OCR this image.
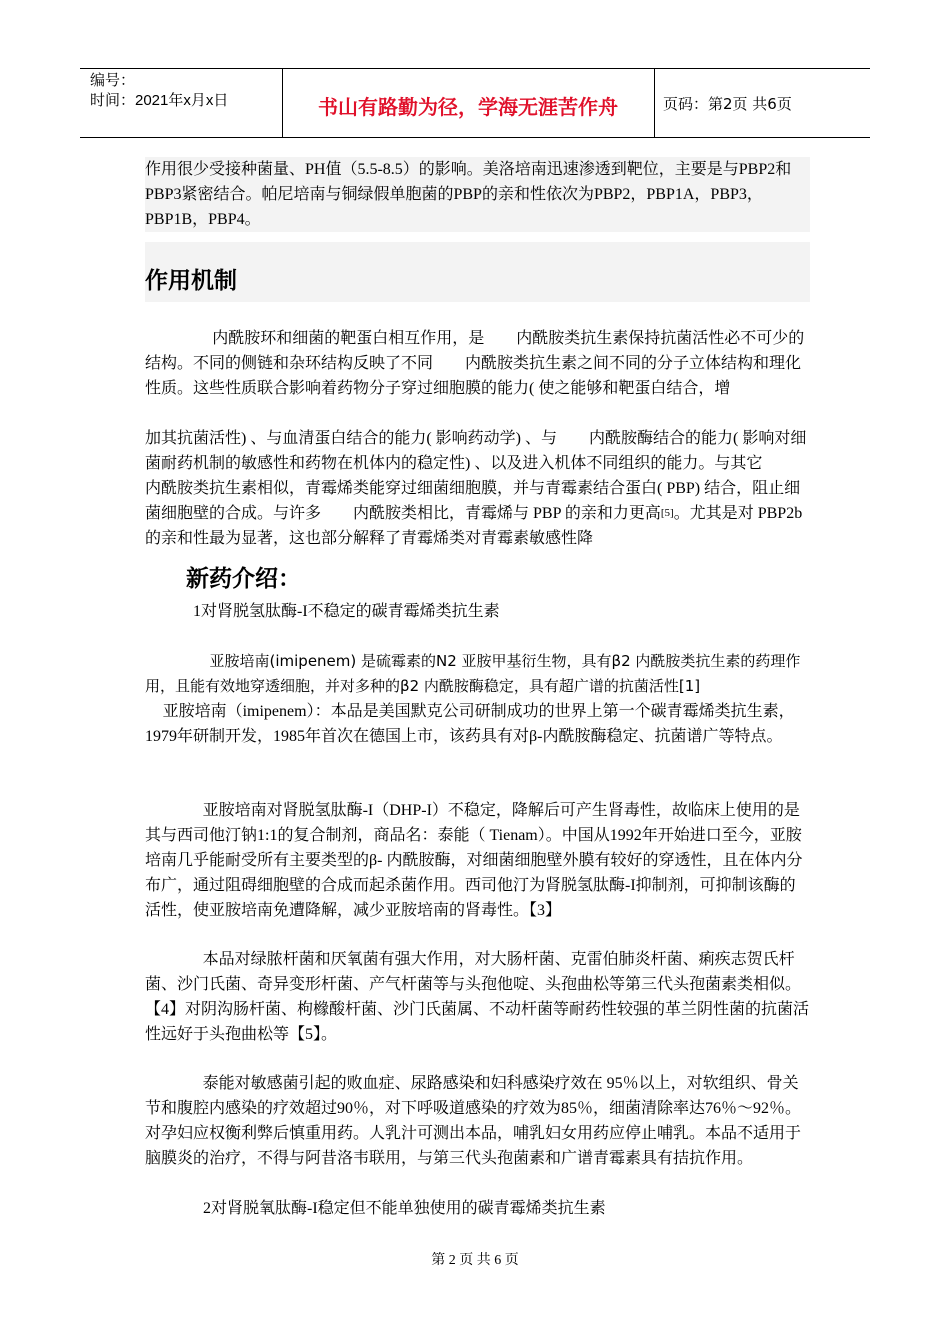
编号：
时间：2021年x月x日	书山有路勤为径，学海无涯苦作舟	页码：第2页 共6页
作用很少受接种菌量、PH值（5.5-8.5）的影响。美洛培南迅速渗透到靶位，主要是与PBP2和PBP3紧密结合。帕尼培南与铜绿假单胞菌的PBP的亲和性依次为PBP2，PBP1A，PBP3，PBP1B，PBP4。
作用机制
内酰胺环和细菌的靶蛋白相互作用，是　　内酰胺类抗生素保持抗菌活性必不可少的结构。不同的侧链和杂环结构反映了不同　　内酰胺类抗生素之间不同的分子立体结构和理化性质。这些性质联合影响着药物分子穿过细胞膜的能力( 使之能够和靶蛋白结合，增
加其抗菌活性) 、与血清蛋白结合的能力( 影响药动学) 、与　　内酰胺酶结合的能力( 影响对细菌耐药机制的敏感性和药物在机体内的稳定性) 、以及进入机体不同组织的能力。与其它　　内酰胺类抗生素相似，青霉烯类能穿过细菌细胞膜，并与青霉素结合蛋白( PBP) 结合，阻止细菌细胞壁的合成。与许多　　内酰胺类相比，青霉烯与 PBP 的亲和力更高[5]。尤其是对 PBP2b 的亲和性最为显著，这也部分解释了青霉烯类对青霉素敏感性降
新药介绍：
1对肾脱氢肽酶-I不稳定的碳青霉烯类抗生素
亚胺培南(imipenem) 是硫霉素的N2 亚胺甲基衍生物，具有β2 内酰胺类抗生素的药理作用，且能有效地穿透细胞，并对多种的β2 内酰胺酶稳定，具有超广谱的抗菌活性[1]
亚胺培南（imipenem）：本品是美国默克公司研制成功的世界上第一个碳青霉烯类抗生素，1979年研制开发，1985年首次在德国上市，该药具有对β-内酰胺酶稳定、抗菌谱广等特点。
亚胺培南对肾脱氢肽酶-I（DHP-I）不稳定，降解后可产生肾毒性，故临床上使用的是其与西司他汀钠1:1的复合制剂，商品名：泰能（ Tienam）。中国从1992年开始进口至今，亚胺培南几乎能耐受所有主要类型的β- 内酰胺酶，对细菌细胞壁外膜有较好的穿透性，且在体内分布广，通过阻碍细胞壁的合成而起杀菌作用。西司他汀为肾脱氢肽酶-I抑制剂，可抑制该酶的活性，使亚胺培南免遭降解，减少亚胺培南的肾毒性。【3】
本品对绿脓杆菌和厌氧菌有强大作用，对大肠杆菌、克雷伯肺炎杆菌、痢疾志贺氏杆菌、沙门氏菌、奇异变形杆菌、产气杆菌等与头孢他啶、头孢曲松等第三代头孢菌素类相似。【4】对阴沟肠杆菌、枸橼酸杆菌、沙门氏菌属、不动杆菌等耐药性较强的革兰阴性菌的抗菌活性远好于头孢曲松等【5】。
泰能对敏感菌引起的败血症、尿路感染和妇科感染疗效在 95％以上，对软组织、骨关节和腹腔内感染的疗效超过90％，对下呼吸道感染的疗效为85％，细菌清除率达76％～92％。对孕妇应权衡利弊后慎重用药。人乳汁可测出本品，哺乳妇女用药应停止哺乳。本品不适用于脑膜炎的治疗，不得与阿昔洛韦联用，与第三代头孢菌素和广谱青霉素具有拮抗作用。
2对肾脱氧肽酶-I稳定但不能单独使用的碳青霉烯类抗生素
第 2 页 共 6 页
